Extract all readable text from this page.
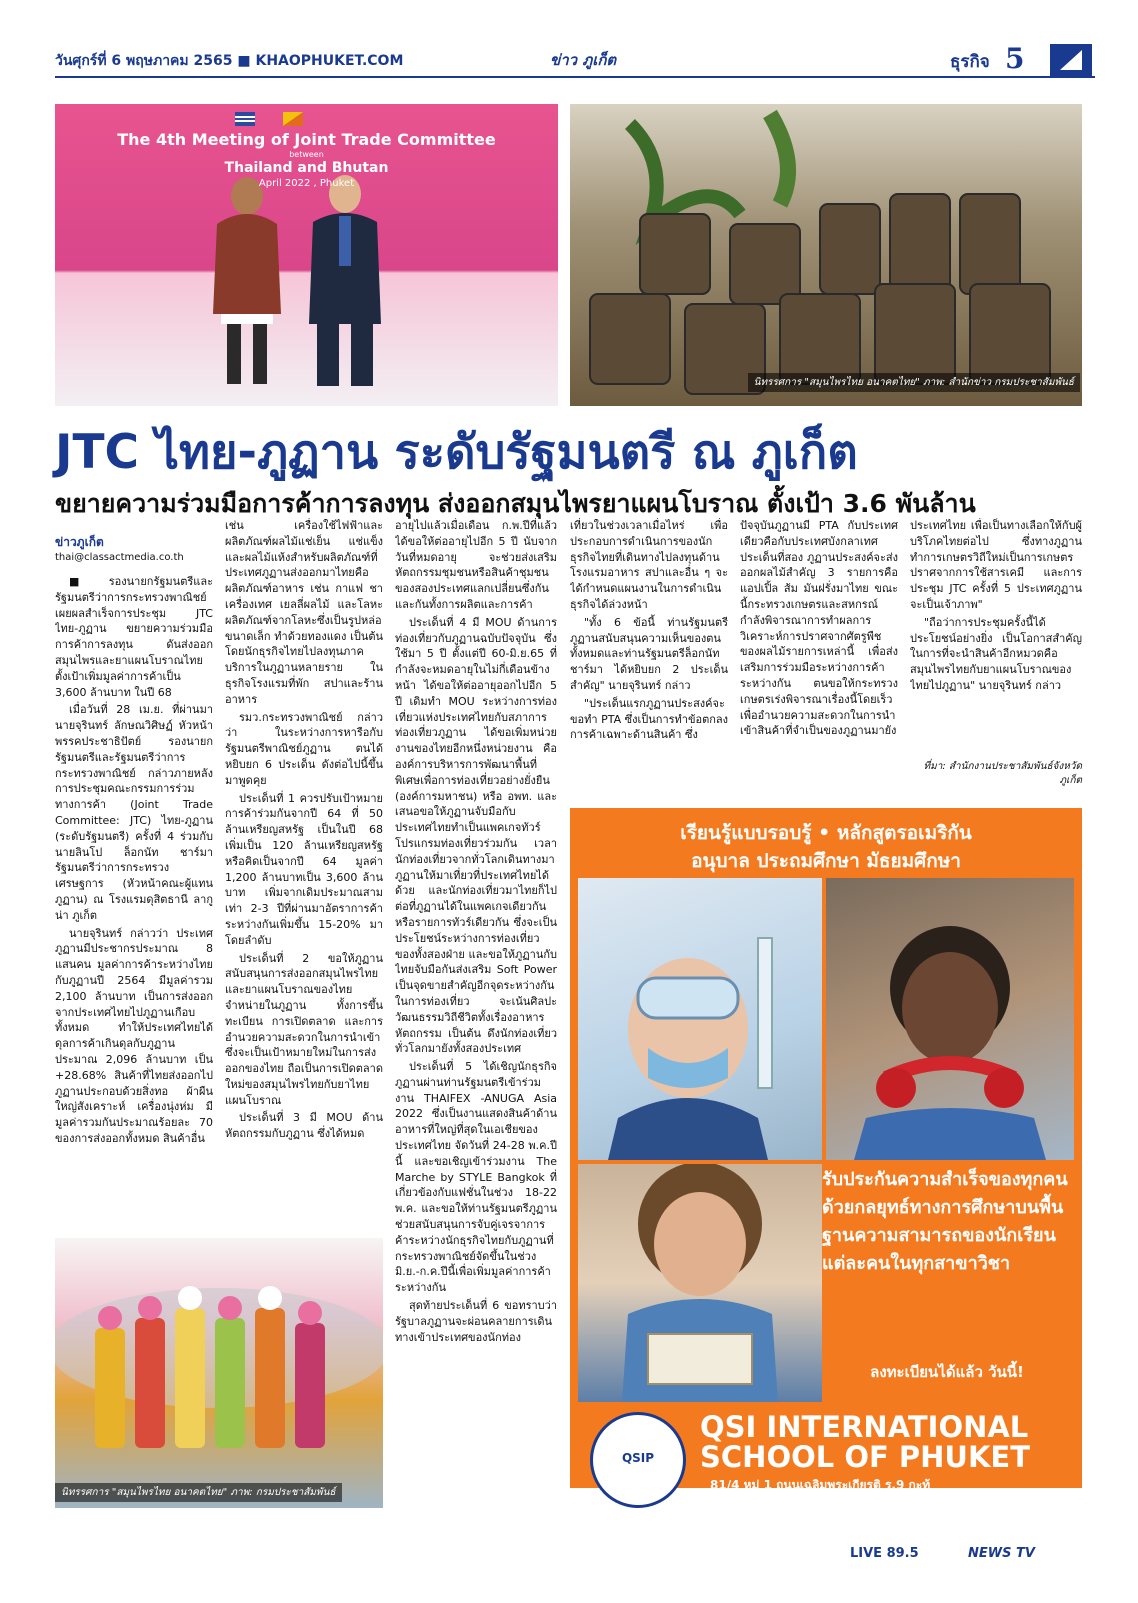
วันศุกร์ที่ 6 พฤษภาคม 2565 ■ KHAOPHUKET.COM	ข่าว ภูเก็ต	ธุรกิจ 5
The 4th Meeting of Joint Trade Committee
between
Thailand and Bhutan
April 2022 , Phuket
นิทรรศการ "สมุนไพรไทย อนาคตไทย" ภาพ: สำนักข่าว กรมประชาสัมพันธ์
JTC ไทย-ภูฏาน ระดับรัฐมนตรี ณ ภูเก็ต
ขยายความร่วมมือการค้าการลงทุน ส่งออกสมุนไพรยาแผนโบราณ ตั้งเป้า 3.6 พันล้าน
ข่าวภูเก็ต
thai@classactmedia.co.th

■ รองนายกรัฐมนตรีและรัฐมนตรีว่าการกระทรวงพาณิชย์ เผยผลสำเร็จการประชุม JTC ไทย-ภูฏาน ขยายความร่วมมือการค้าการลงทุน ดันส่งออกสมุนไพรและยาแผนโบราณไทย ตั้งเป้าเพิ่มมูลค่าการค้าเป็น 3,600 ล้านบาท ในปี 68

เมื่อวันที่ 28 เม.ย. ที่ผ่านมา นายจุรินทร์ ลักษณวิศิษฏ์ หัวหน้าพรรคประชาธิปัตย์ รองนายกรัฐมนตรีและรัฐมนตรีว่าการกระทรวงพาณิชย์ กล่าวภายหลังการประชุมคณะกรรมการร่วมทางการค้า (Joint Trade Committee: JTC) ไทย-ภูฏาน (ระดับรัฐมนตรี) ครั้งที่ 4 ร่วมกับ นายลินโป ล็อกนัท ชาร์มา รัฐมนตรีว่าการกระทรวงเศรษฐการ (หัวหน้าคณะผู้แทนภูฏาน) ณ โรงแรมดุสิตธานี ลากูน่า ภูเก็ต

นายจุรินทร์ กล่าวว่า ประเทศภูฏานมีประชากรประมาณ 8 แสนคน มูลค่าการค้าระหว่างไทยกับภูฏานปี 2564 มีมูลค่ารวม 2,100 ล้านบาท เป็นการส่งออกจากประเทศไทยไปภูฏานเกือบทั้งหมด ทำให้ประเทศไทยได้ดุลการค้าเกินดุลกับภูฏานประมาณ 2,096 ล้านบาท เป็น +28.68% สินค้าที่ไทยส่งออกไปภูฏานประกอบด้วยสิ่งทอ ผ้าผืนใหญ่สังเคราะห์ เครื่องนุ่งห่ม มีมูลค่ารวมกันประมาณร้อยละ 70 ของการส่งออกทั้งหมด สินค้าอื่น

เช่น เครื่องใช้ไฟฟ้าและผลิตภัณฑ์ผลไม้แช่เย็น แช่แข็งและผลไม้แห้งสำหรับผลิตภัณฑ์ที่ประเทศภูฏานส่งออกมาไทยคือ ผลิตภัณฑ์อาหาร เช่น กาแฟ ชา เครื่องเทศ เยลลี่ผลไม้ และโลหะ ผลิตภัณฑ์จากโลหะซึ่งเป็นรูปหล่อขนาดเล็ก ทำด้วยทองแดง เป็นต้น โดยนักธุรกิจไทยไปลงทุนภาคบริการในภูฏานหลายราย ในธุรกิจโรงแรมที่พัก สปาและร้านอาหาร

รมว.กระทรวงพาณิชย์ กล่าวว่า ในระหว่างการหารือกับรัฐมนตรีพาณิชย์ภูฏาน ตนได้หยิบยก 6 ประเด็น ดังต่อไปนี้ขึ้นมาพูดคุย

ประเด็นที่ 1 ควรปรับเป้าหมายการค้าร่วมกันจากปี 64 ที่ 50 ล้านเหรียญสหรัฐ เป็นในปี 68 เพิ่มเป็น 120 ล้านเหรียญสหรัฐ หรือคิดเป็นจากปี 64 มูลค่า 1,200 ล้านบาทเป็น 3,600 ล้านบาท เพิ่มจากเดิมประมาณสามเท่า 2-3 ปีที่ผ่านมาอัตราการค้าระหว่างกันเพิ่มขึ้น 15-20% มาโดยลำดับ

ประเด็นที่ 2 ขอให้ภูฏานสนับสนุนการส่งออกสมุนไพรไทยและยาแผนโบราณของไทยจำหน่ายในภูฏาน ทั้งการขึ้นทะเบียน การเปิดตลาด และการอำนวยความสะดวกในการนำเข้า ซึ่งจะเป็นเป้าหมายใหม่ในการส่งออกของไทย ถือเป็นการเปิดตลาดใหม่ของสมุนไพรไทยกับยาไทยแผนโบราณ

ประเด็นที่ 3 มี MOU ด้านหัตถกรรมกับภูฏาน ซึ่งได้หมด

อายุไปแล้วเมื่อเดือน ก.พ.ปีที่แล้ว ได้ขอให้ต่ออายุไปอีก 5 ปี นับจากวันที่หมดอายุ จะช่วยส่งเสริมหัตถกรรมชุมชนหรือสินค้าชุมชนของสองประเทศแลกเปลี่ยนซึ่งกันและกันทั้งการผลิตและการค้า

ประเด็นที่ 4 มี MOU ด้านการท่องเที่ยวกับภูฏานฉบับปัจจุบัน ซึ่งใช้มา 5 ปี ตั้งแต่ปี 60-มิ.ย.65 ที่กำลังจะหมดอายุในไม่กี่เดือนข้างหน้า ได้ขอให้ต่ออายุออกไปอีก 5 ปี เดิมทำ MOU ระหว่างการท่องเที่ยวแห่งประเทศไทยกับสภาการท่องเที่ยวภูฏาน ได้ขอเพิ่มหน่วยงานของไทยอีกหนึ่งหน่วยงาน คือ องค์การบริหารการพัฒนาพื้นที่พิเศษเพื่อการท่องเที่ยวอย่างยั่งยืน (องค์การมหาชน) หรือ อพท. และเสนอขอให้ภูฏานจับมือกับประเทศไทยทำเป็นแพคเกจทัวร์ โปรแกรมท่องเที่ยวร่วมกัน เวลานักท่องเที่ยวจากทั่วโลกเดินทางมาภูฏานให้มาเที่ยวที่ประเทศไทยได้ด้วย และนักท่องเที่ยวมาไทยก็ไปต่อที่ภูฏานได้ในแพคเกจเดียวกันหรือรายการทัวร์เดียวกัน ซึ่งจะเป็นประโยชน์ระหว่างการท่องเที่ยวของทั้งสองฝ่าย และขอให้ภูฏานกับไทยจับมือกันส่งเสริม Soft Power เป็นจุดขายสำคัญอีกจุดระหว่างกันในการท่องเที่ยว จะเน้นศิลปะวัฒนธรรมวิถีชีวิตทั้งเรื่องอาหาร หัตถกรรม เป็นต้น ดึงนักท่องเที่ยวทั่วโลกมายังทั้งสองประเทศ

ประเด็นที่ 5 ได้เชิญนักธุรกิจภูฏานผ่านท่านรัฐมนตรีเข้าร่วมงาน THAIFEX -ANUGA Asia 2022 ซึ่งเป็นงานแสดงสินค้าด้านอาหารที่ใหญ่ที่สุดในเอเชียของประเทศไทย จัดวันที่ 24-28 พ.ค.ปีนี้ และขอเชิญเข้าร่วมงาน The Marche by STYLE Bangkok ที่เกี่ยวข้องกับแฟชั่นในช่วง 18-22 พ.ค. และขอให้ท่านรัฐมนตรีภูฏานช่วยสนับสนุนการจับคู่เจรจาการค้าระหว่างนักธุรกิจไทยกับภูฏานที่กระทรวงพาณิชย์จัดขึ้นในช่วง มิ.ย.-ก.ค.ปีนี้เพื่อเพิ่มมูลค่าการค้าระหว่างกัน

สุดท้ายประเด็นที่ 6 ขอทราบว่ารัฐบาลภูฏานจะผ่อนคลายการเดินทางเข้าประเทศของนักท่อง

เที่ยวในช่วงเวลาเมื่อไหร่ เพื่อประกอบการดำเนินการของนักธุรกิจไทยที่เดินทางไปลงทุนด้านโรงแรมอาหาร สปาและอื่น ๆ จะได้กำหนดแผนงานในการดำเนินธุรกิจได้ล่วงหน้า

"ทั้ง 6 ข้อนี้ ท่านรัฐมนตรีภูฏานสนับสนุนความเห็นของตนทั้งหมดและท่านรัฐมนตรีล็อกนัท ชาร์มา ได้หยิบยก 2 ประเด็นสำคัญ" นายจุรินทร์ กล่าว

"ประเด็นแรกภูฏานประสงค์จะขอทำ PTA ซึ่งเป็นการทำข้อตกลงการค้าเฉพาะด้านสินค้า ซึ่ง

ปัจจุบันภูฏานมี PTA กับประเทศเดียวคือกับประเทศบังกลาเทศ ประเด็นที่สอง ภูฏานประสงค์จะส่งออกผลไม้สำคัญ 3 รายการคือ แอปเปิ้ล ส้ม มันฝรั่งมาไทย ขณะนี้กระทรวงเกษตรและสหกรณ์กำลังพิจารณาการทำผลการวิเคราะห์การปราศจากศัตรูพืชของผลไม้รายการเหล่านี้ เพื่อส่งเสริมการร่วมมือระหว่างการค้าระหว่างกัน ตนขอให้กระทรวงเกษตรเร่งพิจารณาเรื่องนี้โดยเร็วเพื่ออำนวยความสะดวกในการนำเข้าสินค้าที่จำเป็นของภูฏานมายัง

ประเทศไทย เพื่อเป็นทางเลือกให้กับผู้บริโภคไทยต่อไป ซึ่งทางภูฏานทำการเกษตรวิถีใหม่เป็นการเกษตรปราศจากการใช้สารเคมี และการประชุม JTC ครั้งที่ 5 ประเทศภูฏานจะเป็นเจ้าภาพ"

"ถือว่าการประชุมครั้งนี้ได้ประโยชน์อย่างยิ่ง เป็นโอกาสสำคัญในการที่จะนำสินค้าอีกหมวดคือ สมุนไพรไทยกับยาแผนโบราณของไทยไปภูฏาน" นายจุรินทร์ กล่าว

ที่มา: สำนักงานประชาสัมพันธ์จังหวัดภูเก็ต
นิทรรศการ "สมุนไพรไทย อนาคตไทย" ภาพ: กรมประชาสัมพันธ์
เรียนรู้แบบรอบรู้ • หลักสูตรอเมริกัน
อนุบาล ประถมศึกษา มัธยมศึกษา
รับประกันความสำเร็จของทุกคน ด้วยกลยุทธ์ทางการศึกษาบนพื้นฐานความสามารถของนักเรียนแต่ละคนในทุกสาขาวิชา
ลงทะเบียนได้แล้ว วันนี้!
QSIP
QSI INTERNATIONAL
SCHOOL OF PHUKET
81/4 หมู่ 1 ถนนเฉลิมพระเกียรติ ร.9 กะทู้
www.phuket.qsi.org • 076 304 312
LIVE 89.5	NEWS TV
